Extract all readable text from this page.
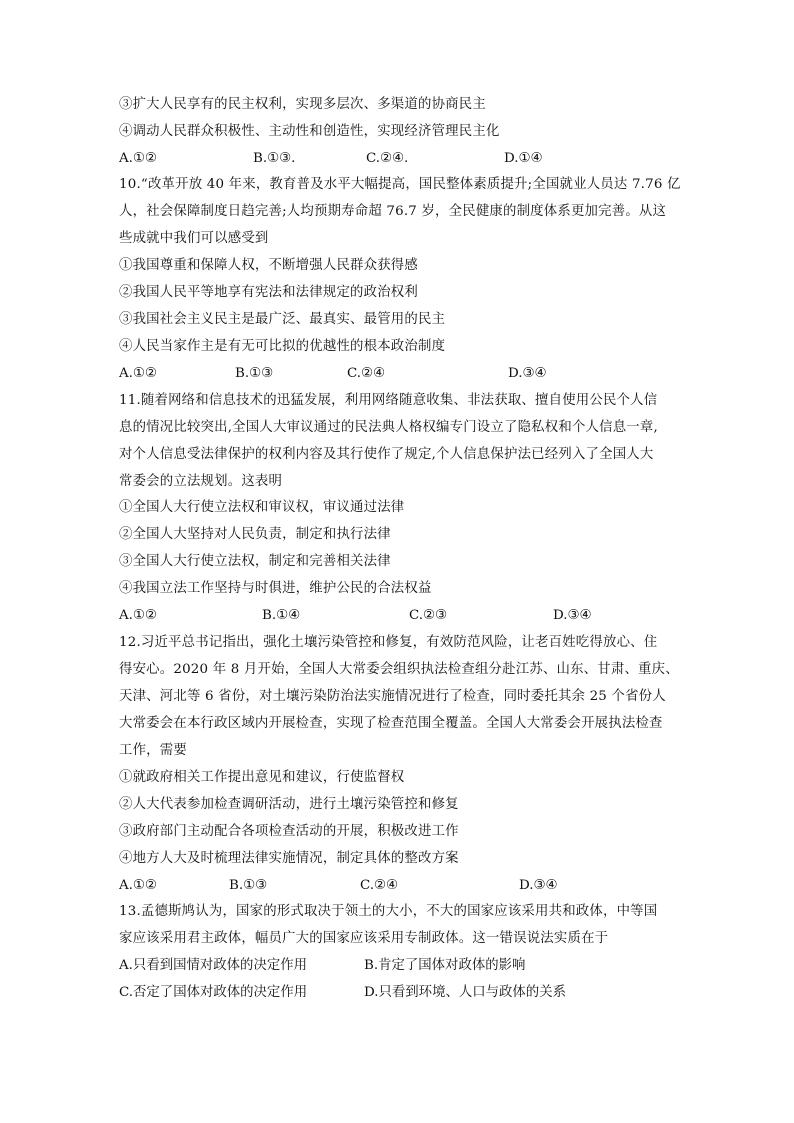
③扩大人民享有的民主权利，实现多层次、多渠道的协商民主
④调动人民群众积极性、主动性和创造性，实现经济管理民主化
A.①②	B.①③.	C.②④.	D.①④
10.“改革开放 40 年来，教育普及水平大幅提高，国民整体素质提升;全国就业人员达 7.76 亿
人，社会保障制度日趋完善;人均预期寿命超 76.7 岁，全民健康的制度体系更加完善。从这
些成就中我们可以感受到
①我国尊重和保障人权，不断增强人民群众获得感
②我国人民平等地享有宪法和法律规定的政治权利
③我国社会主义民主是最广泛、最真实、最管用的民主
④人民当家作主是有无可比拟的优越性的根本政治制度
A.①②	B.①③	C.②④	D.③④
11.随着网络和信息技术的迅猛发展，利用网络随意收集、非法获取、擅自使用公民个人信
息的情况比较突出,全国人大审议通过的民法典人格权编专门设立了隐私权和个人信息一章,
对个人信息受法律保护的权利内容及其行使作了规定,个人信息保护法已经列入了全国人大
常委会的立法规划。这表明
①全国人大行使立法权和审议权，审议通过法律
②全国人大坚持对人民负责，制定和执行法律
③全国人大行使立法权，制定和完善相关法律
④我国立法工作坚持与时俱进，维护公民的合法权益
A.①②	B.①④	C.②③	D.③④
12.习近平总书记指出，强化土壤污染管控和修复，有效防范风险，让老百姓吃得放心、住
得安心。2020 年 8 月开始，全国人大常委会组织执法检查组分赴江苏、山东、甘肃、重庆、
天津、河北等 6 省份，对土壤污染防治法实施情况进行了检查，同时委托其余 25 个省份人
大常委会在本行政区域内开展检查，实现了检查范围全覆盖。全国人大常委会开展执法检查
工作，需要
①就政府相关工作提出意见和建议，行使监督权
②人大代表参加检查调研活动，进行土壤污染管控和修复
③政府部门主动配合各项检查活动的开展，积极改进工作
④地方人大及时梳理法律实施情况，制定具体的整改方案
A.①②	B.①③	C.②④	D.③④
13.孟德斯鸠认为，国家的形式取决于领土的大小，不大的国家应该采用共和政体，中等国
家应该采用君主政体，幅员广大的国家应该采用专制政体。这一错误说法实质在于
A.只看到国情对政体的决定作用	B.肯定了国体对政体的影响
C.否定了国体对政体的决定作用	D.只看到环境、人口与政体的关系
